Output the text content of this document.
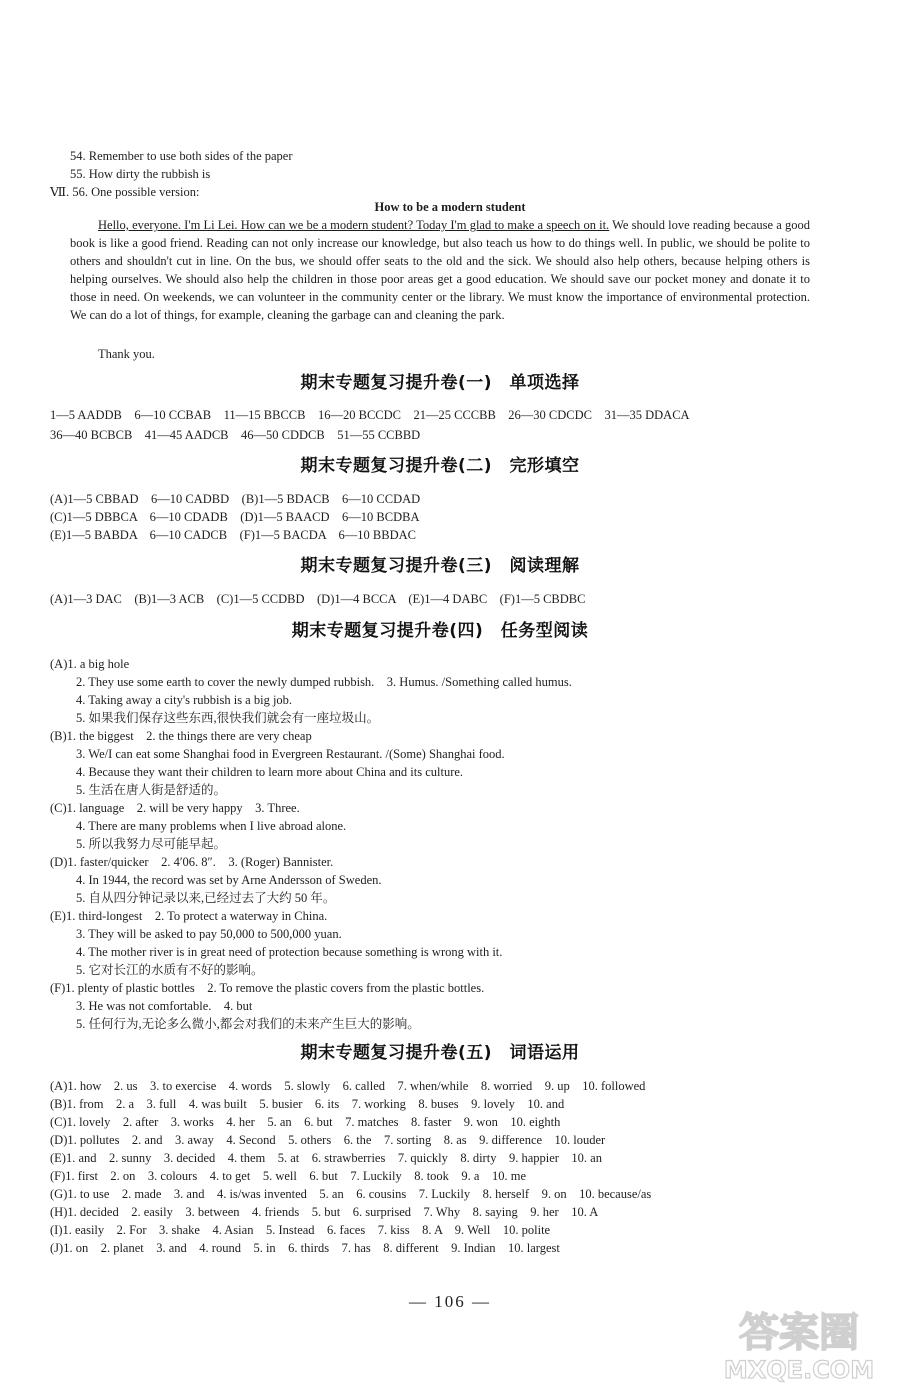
54. Remember to use both sides of the paper
55. How dirty the rubbish is
Ⅶ. 56. One possible version:
How to be a modern student
Hello, everyone. I'm Li Lei. How can we be a modern student? Today I'm glad to make a speech on it. We should love reading because a good book is like a good friend. Reading can not only increase our knowledge, but also teach us how to do things well. In public, we should be polite to others and shouldn't cut in line. On the bus, we should offer seats to the old and the sick. We should also help others, because helping others is helping ourselves. We should also help the children in those poor areas get a good education. We should save our pocket money and donate it to those in need. On weekends, we can volunteer in the community center or the library. We must know the importance of environmental protection. We can do a lot of things, for example, cleaning the garbage can and cleaning the park.
Thank you.
期末专题复习提升卷(一)　单项选择
1—5 AADDB　6—10 CCBAB　11—15 BBCCB　16—20 BCCDC　21—25 CCCBB　26—30 CDCDC　31—35 DDACA
36—40 BCBCB　41—45 AADCB　46—50 CDDCB　51—55 CCBBD
期末专题复习提升卷(二)　完形填空
(A)1—5 CBBAD　6—10 CADBD　(B)1—5 BDACB　6—10 CCDAD
(C)1—5 DBBCA　6—10 CDADB　(D)1—5 BAACD　6—10 BCDBA
(E)1—5 BABDA　6—10 CADCB　(F)1—5 BACDA　6—10 BBDAC
期末专题复习提升卷(三)　阅读理解
(A)1—3 DAC　(B)1—3 ACB　(C)1—5 CCDBD　(D)1—4 BCCA　(E)1—4 DABC　(F)1—5 CBDBC
期末专题复习提升卷(四)　任务型阅读
(A)1. a big hole
2. They use some earth to cover the newly dumped rubbish.　3. Humus. /Something called humus.
4. Taking away a city's rubbish is a big job.
5. 如果我们保存这些东西,很快我们就会有一座垃圾山。
(B)1. the biggest　2. the things there are very cheap
3. We/I can eat some Shanghai food in Evergreen Restaurant. /(Some) Shanghai food.
4. Because they want their children to learn more about China and its culture.
5. 生活在唐人街是舒适的。
(C)1. language　2. will be very happy　3. Three.
4. There are many problems when I live abroad alone.
5. 所以我努力尽可能早起。
(D)1. faster/quicker　2. 4′06. 8″.　3. (Roger) Bannister.
4. In 1944, the record was set by Arne Andersson of Sweden.
5. 自从四分钟记录以来,已经过去了大约 50 年。
(E)1. third-longest　2. To protect a waterway in China.
3. They will be asked to pay 50,000 to 500,000 yuan.
4. The mother river is in great need of protection because something is wrong with it.
5. 它对长江的水质有不好的影响。
(F)1. plenty of plastic bottles　2. To remove the plastic covers from the plastic bottles.
3. He was not comfortable.　4. but
5. 任何行为,无论多么微小,都会对我们的未来产生巨大的影响。
期末专题复习提升卷(五)　词语运用
(A)1. how　2. us　3. to exercise　4. words　5. slowly　6. called　7. when/while　8. worried　9. up　10. followed
(B)1. from　2. a　3. full　4. was built　5. busier　6. its　7. working　8. buses　9. lovely　10. and
(C)1. lovely　2. after　3. works　4. her　5. an　6. but　7. matches　8. faster　9. won　10. eighth
(D)1. pollutes　2. and　3. away　4. Second　5. others　6. the　7. sorting　8. as　9. difference　10. louder
(E)1. and　2. sunny　3. decided　4. them　5. at　6. strawberries　7. quickly　8. dirty　9. happier　10. an
(F)1. first　2. on　3. colours　4. to get　5. well　6. but　7. Luckily　8. took　9. a　10. me
(G)1. to use　2. made　3. and　4. is/was invented　5. an　6. cousins　7. Luckily　8. herself　9. on　10. because/as
(H)1. decided　2. easily　3. between　4. friends　5. but　6. surprised　7. Why　8. saying　9. her　10. A
(I)1. easily　2. For　3. shake　4. Asian　5. Instead　6. faces　7. kiss　8. A　9. Well　10. polite
(J)1. on　2. planet　3. and　4. round　5. in　6. thirds　7. has　8. different　9. Indian　10. largest
— 106 —
答案圈
MXQE.COM
